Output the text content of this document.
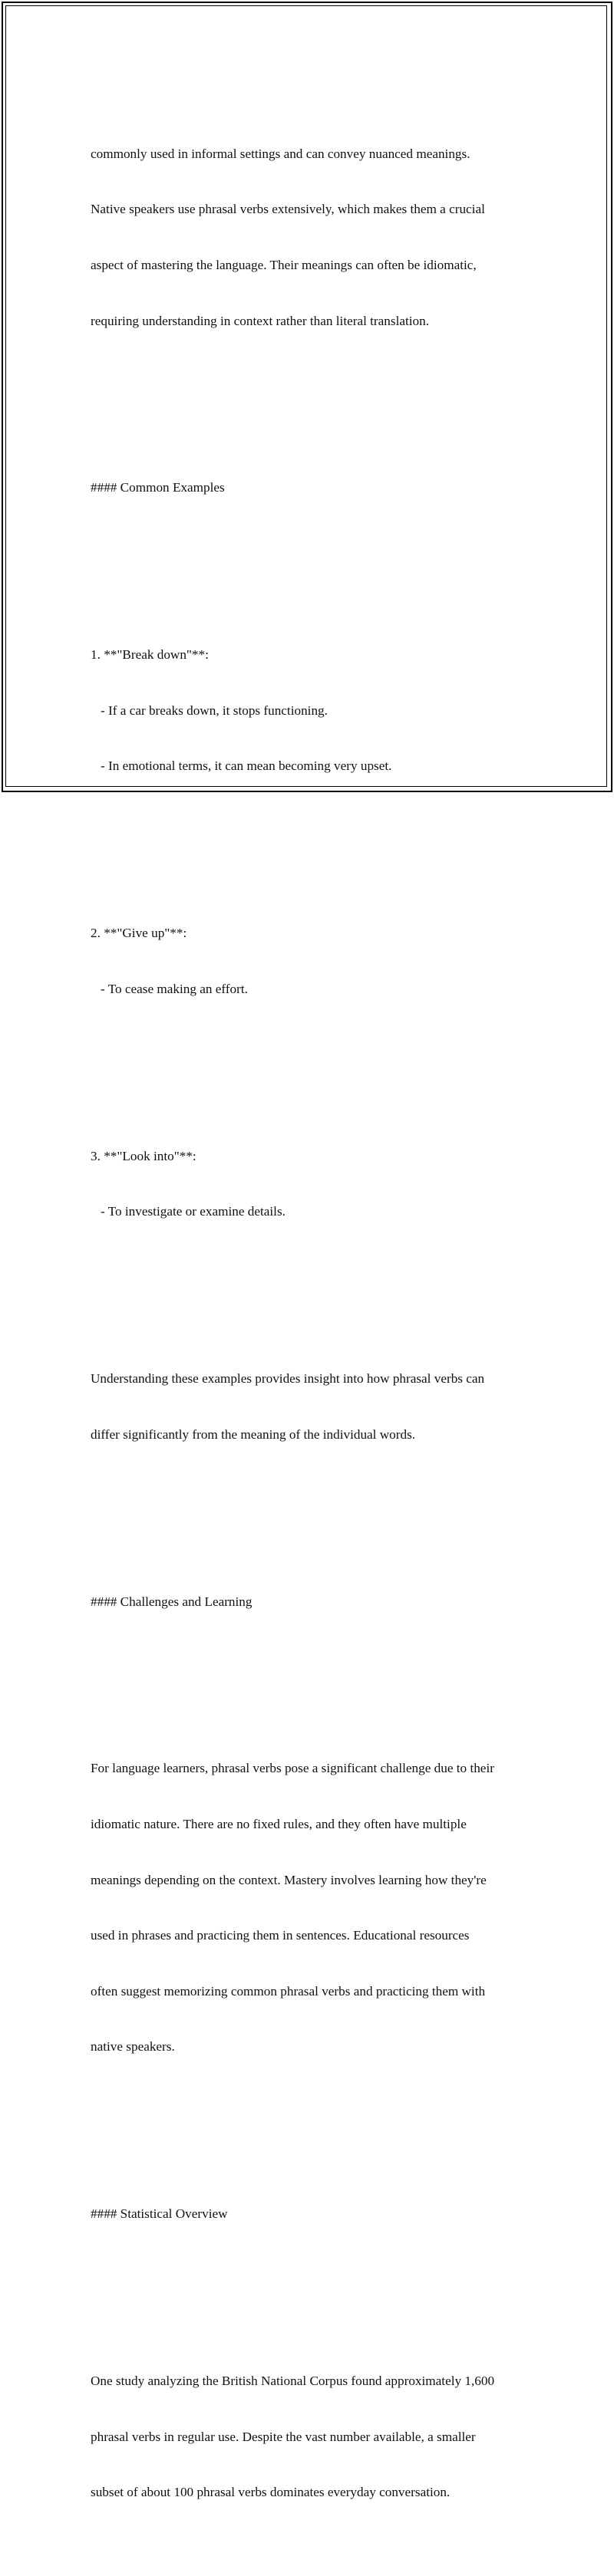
commonly used in informal settings and can convey nuanced meanings.

Native speakers use phrasal verbs extensively, which makes them a crucial

aspect of mastering the language. Their meanings can often be idiomatic,

requiring understanding in context rather than literal translation.

#### Common Examples

1. **"Break down"**:

- If a car breaks down, it stops functioning.

- In emotional terms, it can mean becoming very upset.

2. **"Give up"**:

- To cease making an effort.

3. **"Look into"**:

- To investigate or examine details.

Understanding these examples provides insight into how phrasal verbs can

differ significantly from the meaning of the individual words.

#### Challenges and Learning

For language learners, phrasal verbs pose a significant challenge due to their

idiomatic nature. There are no fixed rules, and they often have multiple

meanings depending on the context. Mastery involves learning how they're

used in phrases and practicing them in sentences. Educational resources

often suggest memorizing common phrasal verbs and practicing them with

native speakers.

#### Statistical Overview

One study analyzing the British National Corpus found approximately 1,600

phrasal verbs in regular use. Despite the vast number available, a smaller

subset of about 100 phrasal verbs dominates everyday conversation.
